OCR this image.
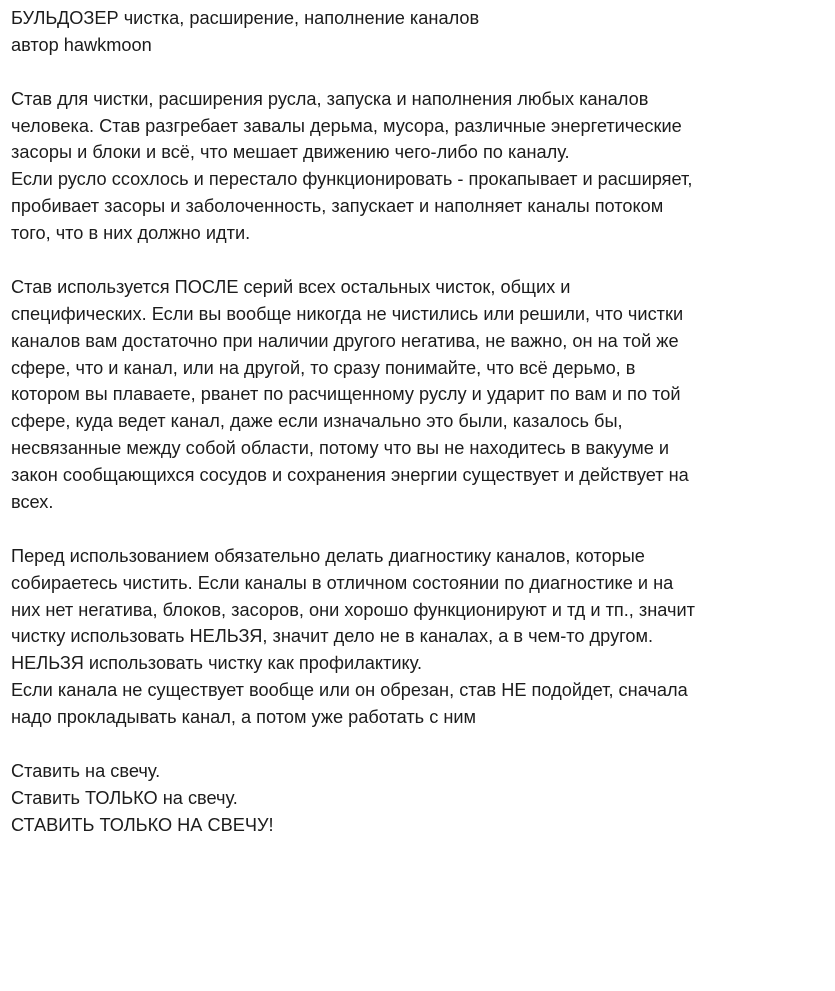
БУЛЬДОЗЕР чистка, расширение, наполнение каналов
автор hawkmoon
Став для чистки, расширения русла, запуска и наполнения любых каналов
человека. Став разгребает завалы дерьма, мусора, различные энергетические
засоры и блоки и всё, что мешает движению чего-либо по каналу.
Если русло ссохлось и перестало функционировать - прокапывает и расширяет,
пробивает засоры и заболоченность, запускает и наполняет каналы потоком
того, что в них должно идти.
Став используется ПОСЛЕ серий всех остальных чисток, общих и
специфических. Если вы вообще никогда не чистились или решили, что чистки
каналов вам достаточно при наличии другого негатива, не важно, он на той же
сфере, что и канал, или на другой, то сразу понимайте, что всё дерьмо, в
котором вы плаваете, рванет по расчищенному руслу и ударит по вам и по той
сфере, куда ведет канал, даже если изначально это были, казалось бы,
несвязанные между собой области, потому что вы не находитесь в вакууме и
закон сообщающихся сосудов и сохранения энергии существует и действует на
всех.
Перед использованием обязательно делать диагностику каналов, которые
собираетесь чистить. Если каналы в отличном состоянии по диагностике и на
них нет негатива, блоков, засоров, они хорошо функционируют и тд и тп., значит
чистку использовать НЕЛЬЗЯ, значит дело не в каналах, а в чем-то другом.
НЕЛЬЗЯ использовать чистку как профилактику.
Если канала не существует вообще или он обрезан, став НЕ подойдет, сначала
надо прокладывать канал, а потом уже работать с ним
Ставить на свечу.
Ставить ТОЛЬКО на свечу.
СТАВИТЬ ТОЛЬКО НА СВЕЧУ!
